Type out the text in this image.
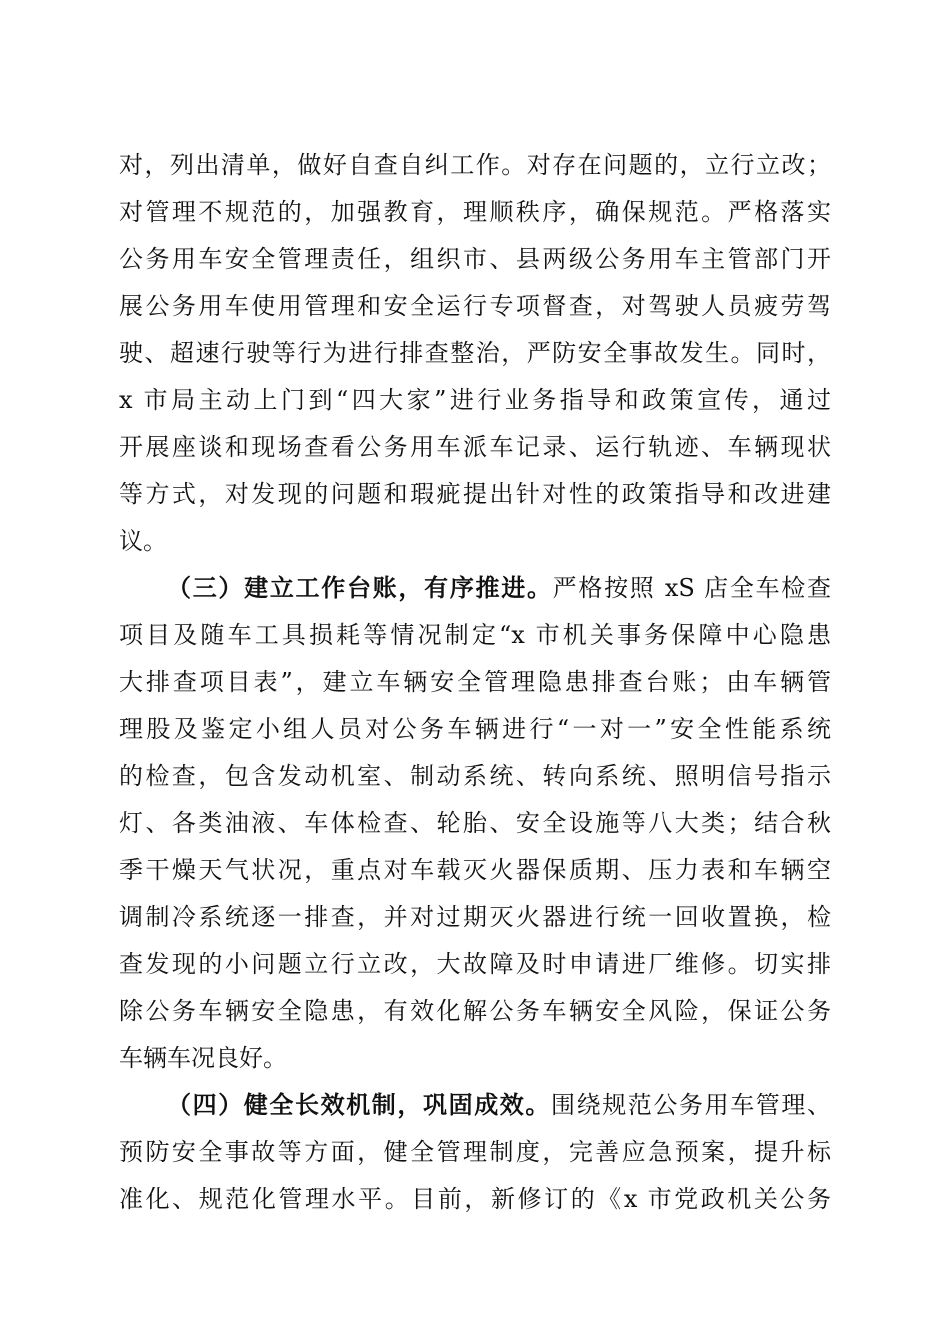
对，列出清单，做好自查自纠工作。对存在问题的，立行立改；
对管理不规范的，加强教育，理顺秩序，确保规范。严格落实
公务用车安全管理责任，组织市、县两级公务用车主管部门开
展公务用车使用管理和安全运行专项督查，对驾驶人员疲劳驾
驶、超速行驶等行为进行排查整治，严防安全事故发生。同时，
x 市局主动上门到“四大家”进行业务指导和政策宣传，通过
开展座谈和现场查看公务用车派车记录、运行轨迹、车辆现状
等方式，对发现的问题和瑕疵提出针对性的政策指导和改进建
议。
（三）建立工作台账，有序推进。严格按照 xS 店全车检查
项目及随车工具损耗等情况制定“x 市机关事务保障中心隐患
大排查项目表”，建立车辆安全管理隐患排查台账；由车辆管
理股及鉴定小组人员对公务车辆进行“一对一”安全性能系统
的检查，包含发动机室、制动系统、转向系统、照明信号指示
灯、各类油液、车体检查、轮胎、安全设施等八大类；结合秋
季干燥天气状况，重点对车载灭火器保质期、压力表和车辆空
调制冷系统逐一排查，并对过期灭火器进行统一回收置换，检
查发现的小问题立行立改，大故障及时申请进厂维修。切实排
除公务车辆安全隐患，有效化解公务车辆安全风险，保证公务
车辆车况良好。
（四）健全长效机制，巩固成效。围绕规范公务用车管理、
预防安全事故等方面，健全管理制度，完善应急预案，提升标
准化、规范化管理水平。目前，新修订的《x 市党政机关公务
